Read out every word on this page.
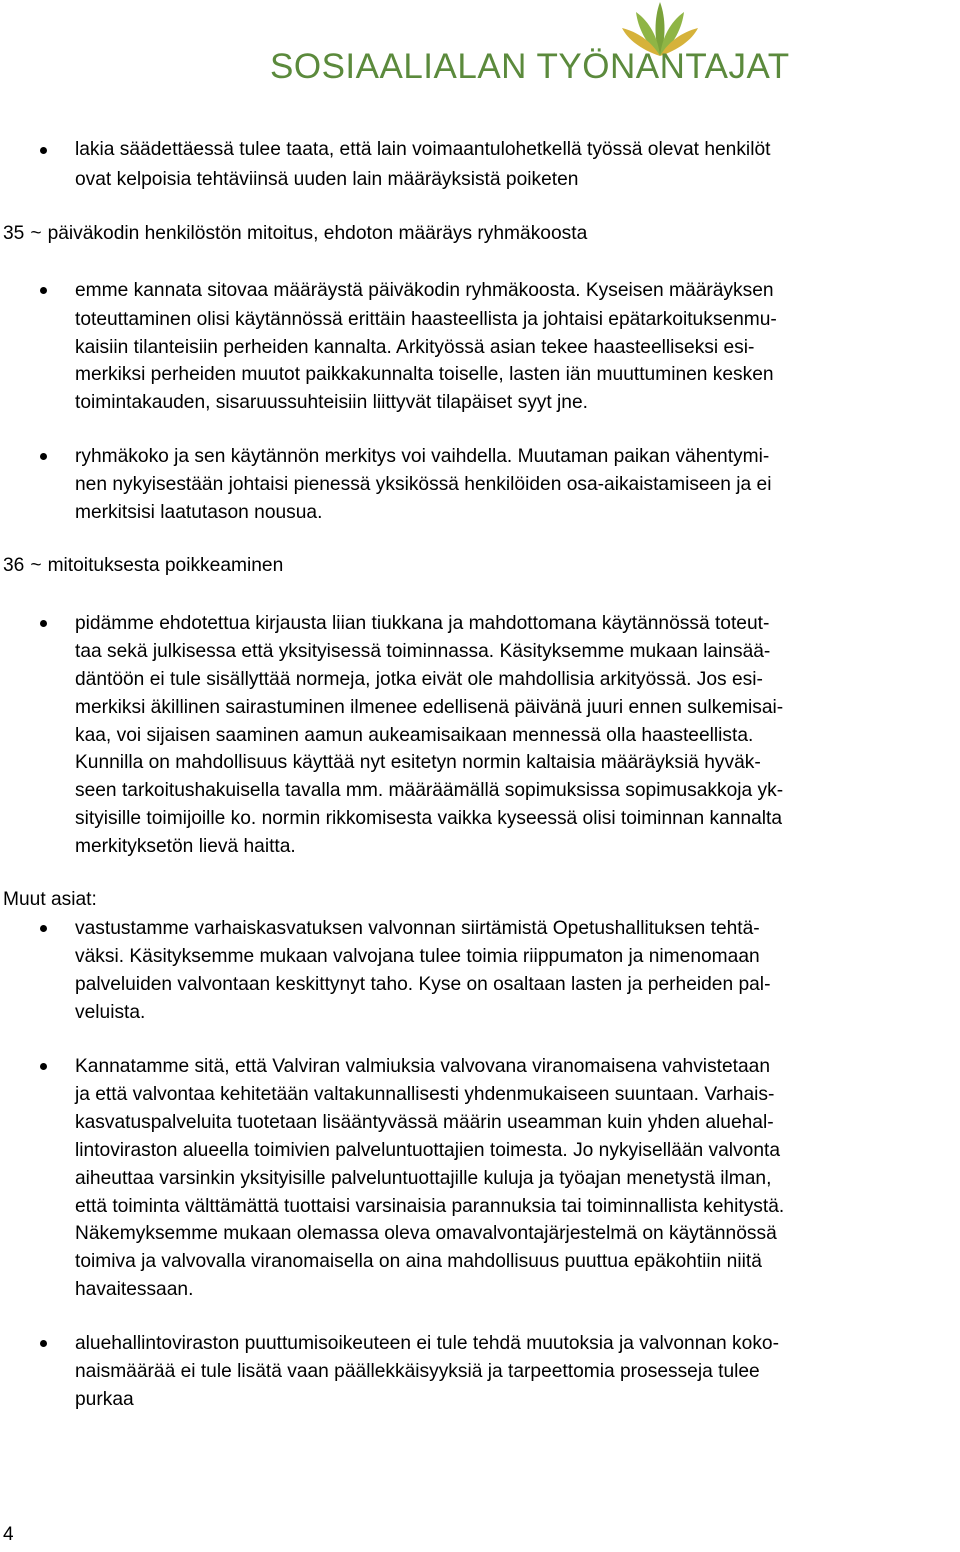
SOSIAALIALAN TYÖNANTAJAT
lakia säädettäessä tulee taata, että lain voimaantulohetkellä työssä olevat henkilöt
ovat kelpoisia tehtäviinsä uuden lain määräyksistä poiketen
35 ~ päiväkodin henkilöstön mitoitus, ehdoton määräys ryhmäkoosta
emme kannata sitovaa määräystä päiväkodin ryhmäkoosta. Kyseisen määräyksen
toteuttaminen olisi käytännössä erittäin haasteellista ja johtaisi epätarkoituksenmu-
kaisiin tilanteisiin perheiden kannalta. Arkityössä asian tekee haasteelliseksi esi-
merkiksi perheiden muutot paikkakunnalta toiselle, lasten iän muuttuminen kesken
toimintakauden, sisaruussuhteisiin liittyvät tilapäiset syyt jne.
ryhmäkoko ja sen käytännön merkitys voi vaihdella. Muutaman paikan vähentymi-
nen nykyisestään johtaisi pienessä yksikössä henkilöiden osa-aikaistamiseen ja ei
merkitsisi laatutason nousua.
36 ~ mitoituksesta poikkeaminen
pidämme ehdotettua kirjausta liian tiukkana ja mahdottomana käytännössä toteut-
taa sekä julkisessa että yksityisessä toiminnassa. Käsityksemme mukaan lainsää-
däntöön ei tule sisällyttää normeja, jotka eivät ole mahdollisia arkityössä. Jos esi-
merkiksi äkillinen sairastuminen ilmenee edellisenä päivänä juuri ennen sulkemisai-
kaa, voi sijaisen saaminen aamun aukeamisaikaan mennessä olla haasteellista.
Kunnilla on mahdollisuus käyttää nyt esitetyn normin kaltaisia määräyksiä hyväk-
seen tarkoitushakuisella tavalla mm. määräämällä sopimuksissa sopimusakkoja yk-
sityisille toimijoille ko. normin rikkomisesta vaikka kyseessä olisi toiminnan kannalta
merkityksetön lievä haitta.
Muut asiat:
vastustamme varhaiskasvatuksen valvonnan siirtämistä Opetushallituksen tehtä-
väksi. Käsityksemme mukaan valvojana tulee toimia riippumaton ja nimenomaan
palveluiden valvontaan keskittynyt taho. Kyse on osaltaan lasten ja perheiden pal-
veluista.
Kannatamme sitä, että Valviran valmiuksia valvovana viranomaisena vahvistetaan
ja että valvontaa kehitetään valtakunnallisesti yhdenmukaiseen suuntaan. Varhais-
kasvatuspalveluita tuotetaan lisääntyvässä määrin useamman kuin yhden aluehal-
lintoviraston alueella toimivien palveluntuottajien toimesta. Jo nykyisellään valvonta
aiheuttaa varsinkin yksityisille palveluntuottajille kuluja ja työajan menetystä ilman,
että toiminta välttämättä tuottaisi varsinaisia parannuksia tai toiminnallista kehitystä.
Näkemyksemme mukaan olemassa oleva omavalvontajärjestelmä on käytännössä
toimiva ja valvovalla viranomaisella on aina mahdollisuus puuttua epäkohtiin niitä
havaitessaan.
aluehallintoviraston puuttumisoikeuteen ei tule tehdä muutoksia ja valvonnan koko-
naismäärää ei tule lisätä vaan päällekkäisyyksiä ja tarpeettomia prosesseja tulee
purkaa
4
